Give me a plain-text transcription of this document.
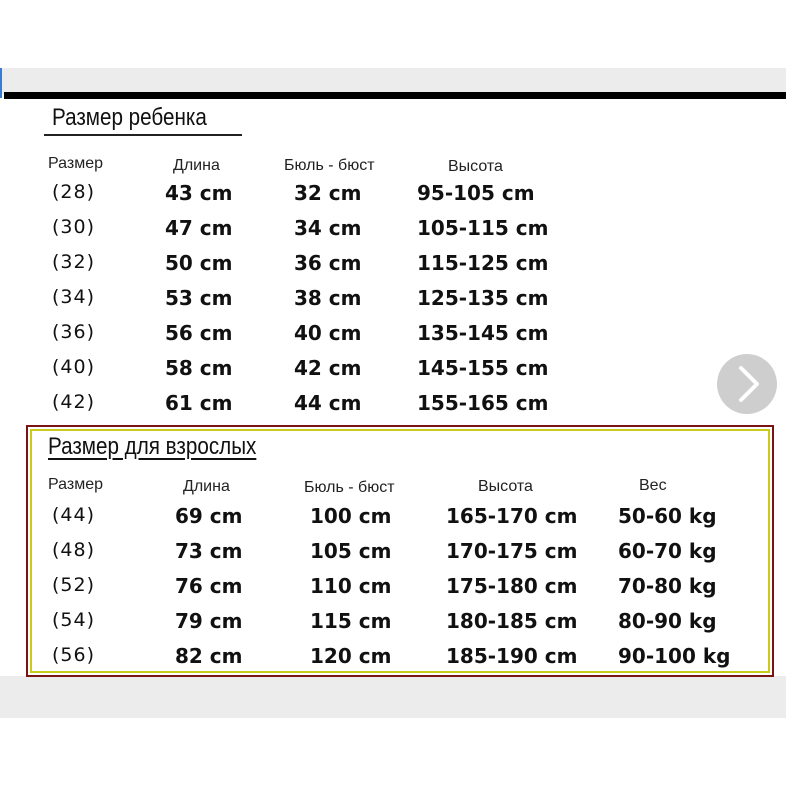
Размер ребенка
Размер	Длина	Бюль - бюст	Высота
(28)	43 cm	32 cm	95-105 cm
(30)	47 cm	34 cm	105-115 cm
(32)	50 cm	36 cm	115-125 cm
(34)	53 cm	38 cm	125-135 cm
(36)	56 cm	40 cm	135-145 cm
(40)	58 cm	42 cm	145-155 cm
(42)	61 cm	44 cm	155-165 cm
Размер для взрослых
Размер	Длина	Бюль - бюст	Высота	Вес
(44)	69 cm	100 cm	165-170 cm 50-60 kg
(48)	73 cm	105 cm	170-175 cm 60-70 kg
(52)	76 cm	110 cm	175-180 cm 70-80 kg
(54)	79 cm	115 cm	180-185 cm 80-90 kg
(56)	82 cm	120 cm	185-190 cm 90-100 kg
